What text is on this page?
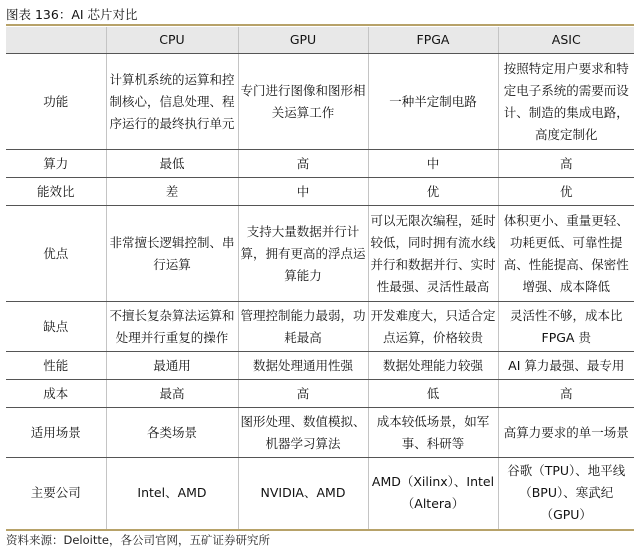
图表 136：AI 芯片对比
	CPU	GPU	FPGA	ASIC
功能	计算机系统的运算和控制核心，信息处理、程序运行的最终执行单元	专门进行图像和图形相关运算工作	一种半定制电路	按照特定用户要求和特定电子系统的需要而设计、制造的集成电路，高度定制化
算力	最低	高	中	高
能效比	差	中	优	优
优点	非常擅长逻辑控制、串行运算	支持大量数据并行计算，拥有更高的浮点运算能力	可以无限次编程，延时较低，同时拥有流水线并行和数据并行、实时性最强、灵活性最高	体积更小、重量更轻、功耗更低、可靠性提高、性能提高、保密性增强、成本降低
缺点	不擅长复杂算法运算和处理并行重复的操作	管理控制能力最弱，功耗最高	开发难度大，只适合定点运算，价格较贵	灵活性不够，成本比FPGA 贵
性能	最通用	数据处理通用性强	数据处理能力较强	AI 算力最强、最专用
成本	最高	高	低	高
适用场景	各类场景	图形处理、数值模拟、机器学习算法	成本较低场景，如军事、科研等	高算力要求的单一场景
主要公司	Intel、AMD	NVIDIA、AMD	AMD（Xilinx）、Intel（Altera）	谷歌（TPU）、地平线（BPU）、寒武纪（GPU）
资料来源：Deloitte，各公司官网，五矿证券研究所
